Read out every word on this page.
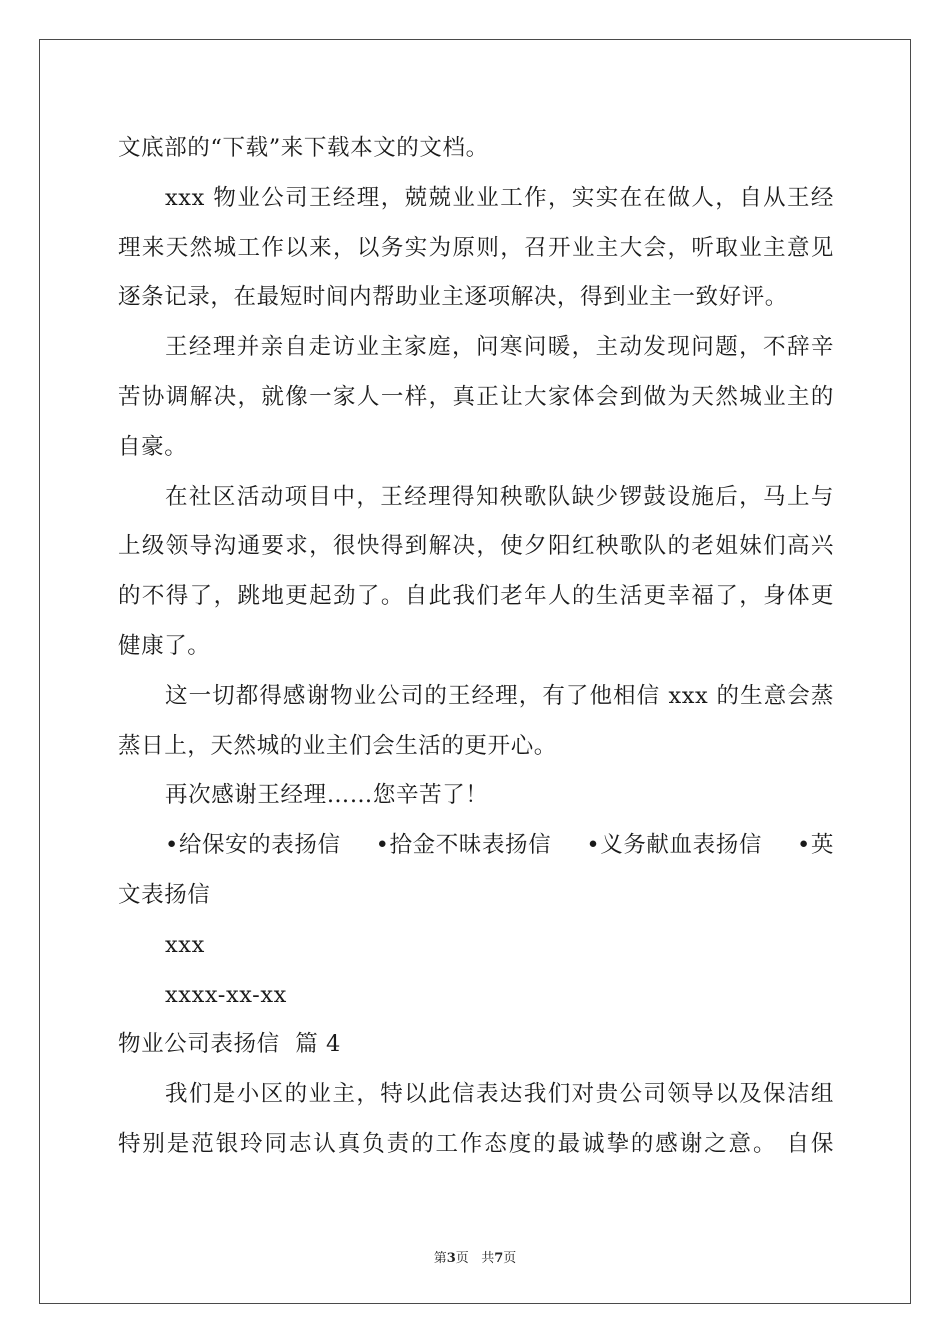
文底部的“下载”来下载本文的文档。
xxx 物业公司王经理，兢兢业业工作，实实在在做人，自从王经
理来天然城工作以来，以务实为原则，召开业主大会，听取业主意见
逐条记录，在最短时间内帮助业主逐项解决，得到业主一致好评。
王经理并亲自走访业主家庭，问寒问暖，主动发现问题，不辞辛
苦协调解决，就像一家人一样，真正让大家体会到做为天然城业主的
自豪。
在社区活动项目中，王经理得知秧歌队缺少锣鼓设施后，马上与
上级领导沟通要求，很快得到解决，使夕阳红秧歌队的老姐妹们高兴
的不得了，跳地更起劲了。自此我们老年人的生活更幸福了，身体更
健康了。
这一切都得感谢物业公司的王经理，有了他相信 xxx 的生意会蒸
蒸日上，天然城的业主们会生活的更开心。
再次感谢王经理……您辛苦了！
•给保安的表扬信 •拾金不昧表扬信 •义务献血表扬信 •英
文表扬信
xxx
xxxx-xx-xx
物业公司表扬信  篇 4
我们是小区的业主，特以此信表达我们对贵公司领导以及保洁组
特别是范银玲同志认真负责的工作态度的最诚挚的感谢之意。 自保
第3页   共7页
